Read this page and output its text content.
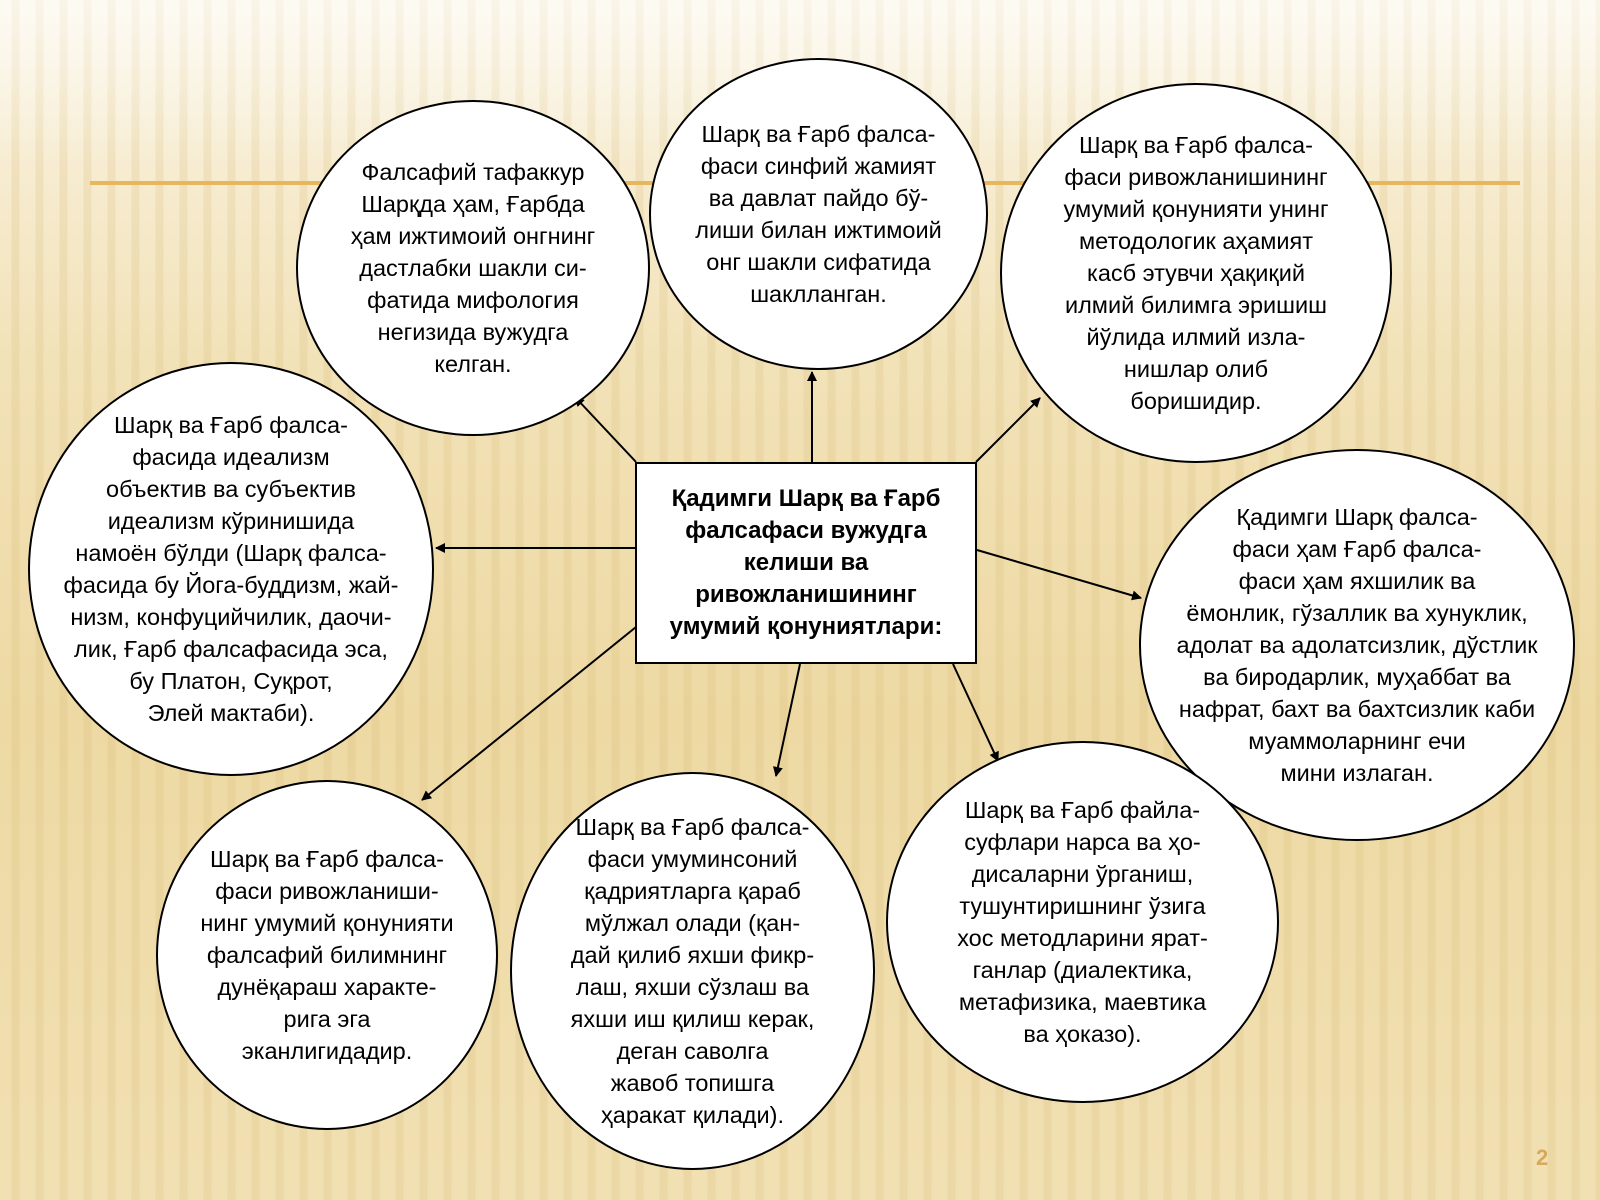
Фалсафий тафаккур
Шарқда ҳам, Ғарбда
ҳам ижтимоий онгнинг
дастлабки шакли си-
фатида мифология
негизида вужудга
келган.
Шарқ ва Ғарб фалса-
фаси синфий жамият
ва давлат пайдо бў-
лиши билан ижтимоий
онг шакли сифатида
шаклланган.
Шарқ ва Ғарб фалса-
фаси ривожланишининг
умумий қонунияти унинг
методологик аҳамият
касб этувчи ҳақиқий
илмий билимга эришиш
йўлида илмий изла-
нишлар олиб
боришидир.
Шарқ ва Ғарб фалса-
фасида идеализм
объектив ва субъектив
идеализм кўринишида
намоён бўлди (Шарқ фалса-
фасида бу Йога-буддизм, жай-
низм, конфуцийчилик, даочи-
лик, Ғарб фалсафасида эса,
бу Платон, Суқрот,
Элей мактаби).
Қадимги Шарқ фалса-
фаси ҳам Ғарб фалса-
фаси ҳам яхшилик ва
ёмонлик, гўзаллик ва хунуклик,
адолат ва адолатсизлик, дўстлик
ва биродарлик, муҳаббат ва
нафрат, бахт ва бахтсизлик каби
муаммоларнинг ечи
мини излаган.
Шарқ ва Ғарб фалса-
фаси ривожланиши-
нинг умумий қонунияти
фалсафий билимнинг
дунёқараш характе-
рига эга
эканлигидадир.
Шарқ ва Ғарб фалса-
фаси умуминсоний
қадриятларга қараб
мўлжал олади (қан-
дай қилиб яхши фикр-
лаш, яхши сўзлаш ва
яхши иш қилиш керак,
деган саволга
жавоб топишга
ҳаракат қилади).
Шарқ ва Ғарб файла-
суфлари нарса ва ҳо-
дисаларни ўрганиш,
тушунтиришнинг ўзига
хос методларини ярат-
ганлар (диалектика,
метафизика, маевтика
ва ҳоказо).
Қадимги Шарқ ва Ғарб
фалсафаси вужудга
келиши ва
ривожланишининг
умумий қонуниятлари:
2
